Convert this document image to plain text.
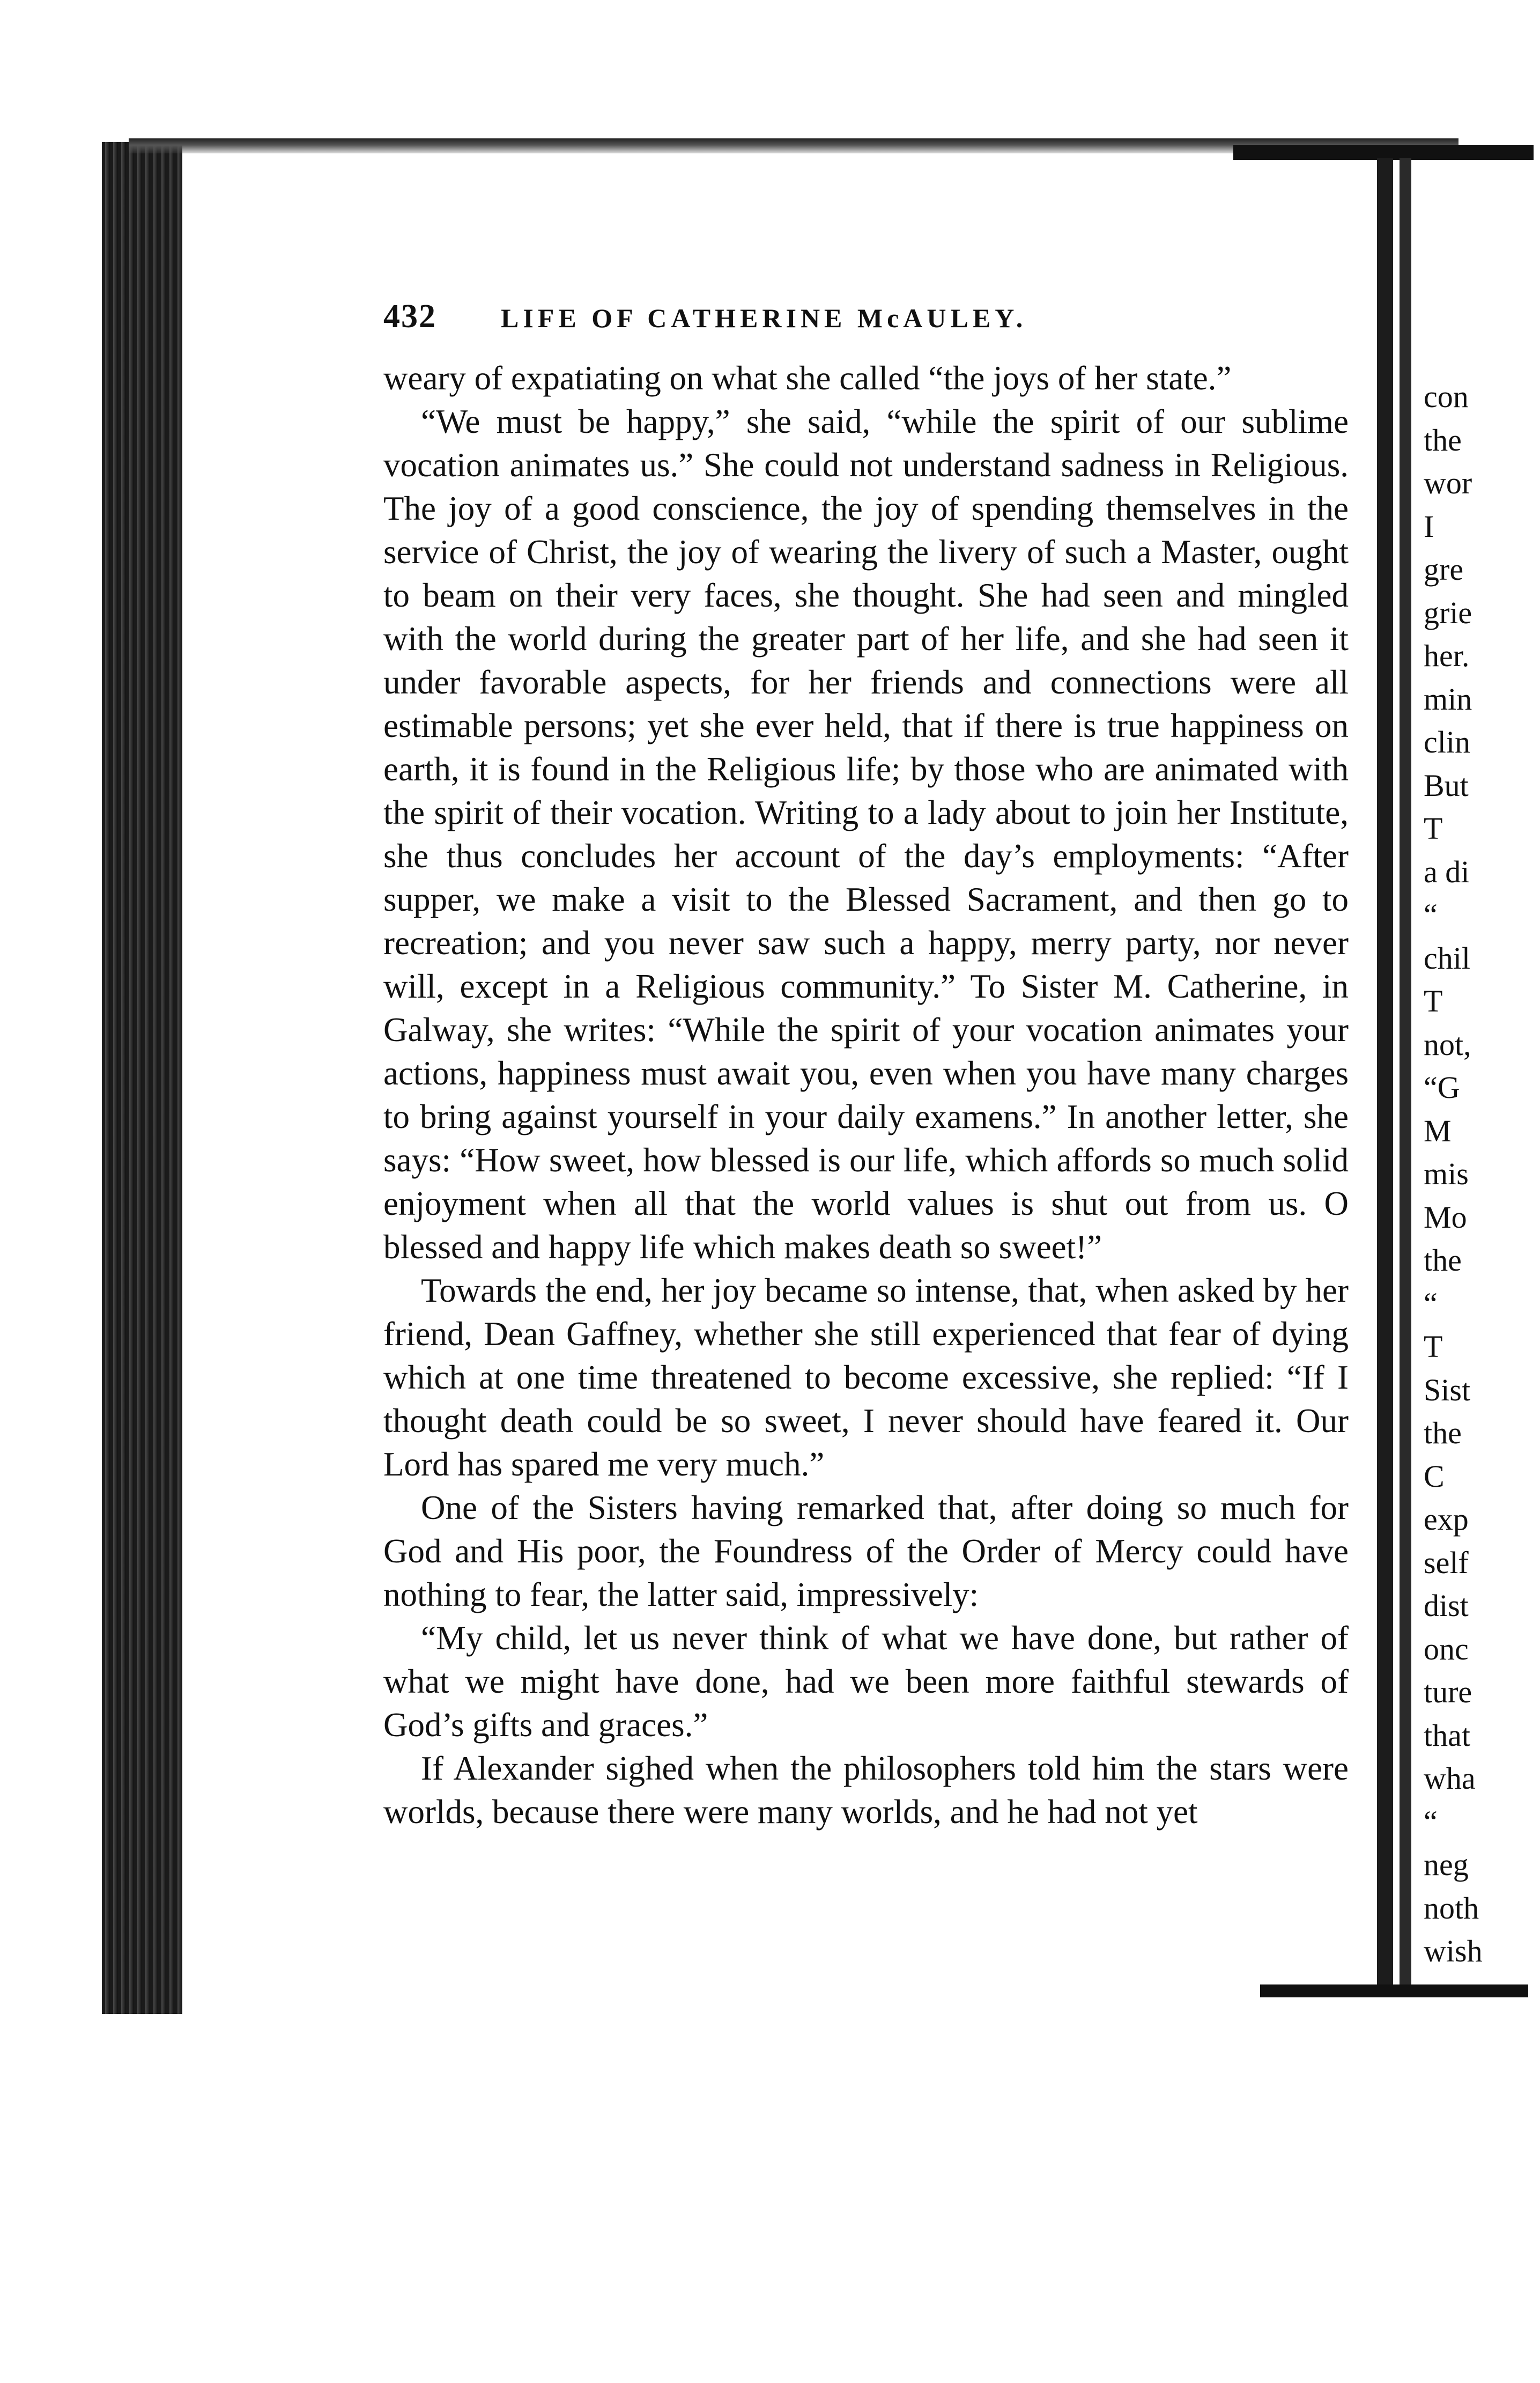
432 LIFE OF CATHERINE McAULEY.

weary of expatiating on what she called “the joys of her state.”

“We must be happy,” she said, “while the spirit of our sublime vocation animates us.” She could not understand sadness in Religious. The joy of a good conscience, the joy of spending themselves in the service of Christ, the joy of wearing the livery of such a Master, ought to beam on their very faces, she thought. She had seen and mingled with the world during the greater part of her life, and she had seen it under favorable aspects, for her friends and connections were all estimable persons; yet she ever held, that if there is true happiness on earth, it is found in the Religious life; by those who are animated with the spirit of their vocation. Writing to a lady about to join her Institute, she thus concludes her account of the day’s employments: “After supper, we make a visit to the Blessed Sacrament, and then go to recreation; and you never saw such a happy, merry party, nor never will, except in a Religious community.” To Sister M. Catherine, in Galway, she writes: “While the spirit of your vocation animates your actions, happiness must await you, even when you have many charges to bring against yourself in your daily examens.” In another letter, she says: “How sweet, how blessed is our life, which affords so much solid enjoyment when all that the world values is shut out from us. O blessed and happy life which makes death so sweet!”

Towards the end, her joy became so intense, that, when asked by her friend, Dean Gaffney, whether she still experienced that fear of dying which at one time threatened to become excessive, she replied: “If I thought death could be so sweet, I never should have feared it. Our Lord has spared me very much.”

One of the Sisters having remarked that, after doing so much for God and His poor, the Foundress of the Order of Mercy could have nothing to fear, the latter said, impressively:

“My child, let us never think of what we have done, but rather of what we might have done, had we been more faithful stewards of God’s gifts and graces.”

If Alexander sighed when the philosophers told him the stars were worlds, because there were many worlds, and he had not yet

con
the
wor
I
gre
grie
her.
min
clin
But
T
a di
“
chil
T
not,
“G
M
mis
Mo
the
“
T
Sist
the
C
exp
self
dist
onc
ture
that
wha
“
neg
noth
wish
